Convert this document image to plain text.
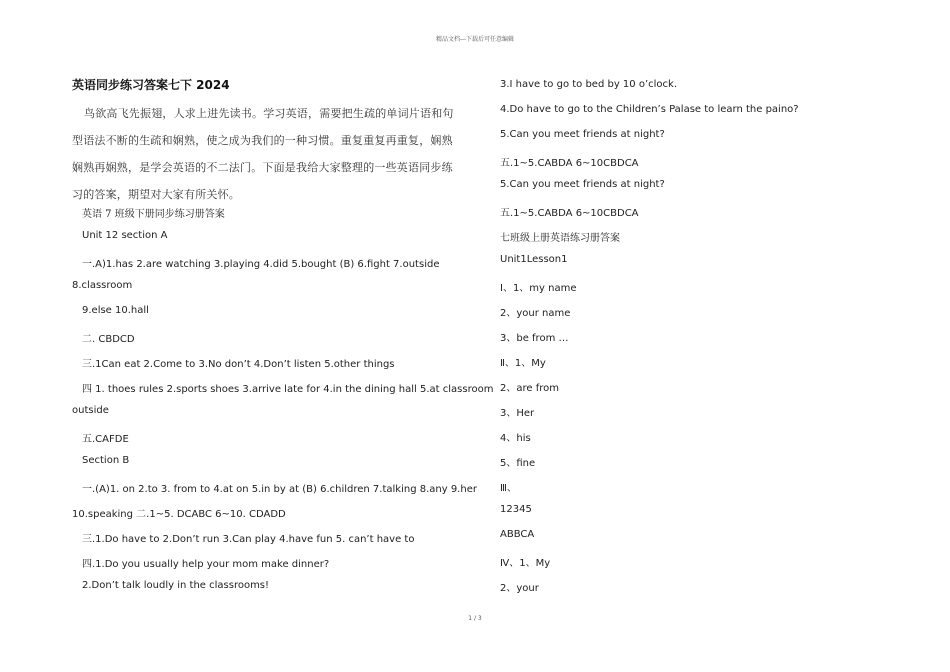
精品文档---下载后可任意编辑
英语同步练习答案七下 2024
鸟欲高飞先振翅，人求上进先读书。学习英语，需要把生疏的单词片语和句型语法不断的生疏和娴熟，使之成为我们的一种习惯。重复重复再重复，娴熟娴熟再娴熟，是学会英语的不二法门。下面是我给大家整理的一些英语同步练习的答案，期望对大家有所关怀。
英语 7 班级下册同步练习册答案
Unit 12 section A
一.A)1.has 2.are watching 3.playing 4.did 5.bought (B) 6.fight 7.outside
8.classroom
9.else 10.hall
二. CBDCD
三.1Can eat 2.Come to 3.No don’t 4.Don’t listen 5.other things
四 1. thoes rules 2.sports shoes 3.arrive late for 4.in the dining hall 5.at classroom
outside
五.CAFDE
Section B
一.(A)1. on 2.to 3. from to 4.at on 5.in by at (B) 6.children 7.talking 8.any 9.her
10.speaking 二.1~5. DCABC 6~10. CDADD
三.1.Do have to 2.Don’t run 3.Can play 4.have fun 5. can’t have to
四.1.Do you usually help your mom make dinner?
2.Don’t talk loudly in the classrooms!
3.I have to go to bed by 10 o’clock.
4.Do have to go to the Children’s Palase to learn the paino?
5.Can you meet friends at night?
五.1~5.CABDA 6~10CBDCA
5.Can you meet friends at night?
五.1~5.CABDA 6~10CBDCA
七班级上册英语练习册答案
Unit1Lesson1
Ⅰ、1、my name
2、your name
3、be from …
Ⅱ、1、My
2、are from
3、Her
4、his
5、fine
Ⅲ、
12345
ABBCA
Ⅳ、1、My
2、your
1 / 3
